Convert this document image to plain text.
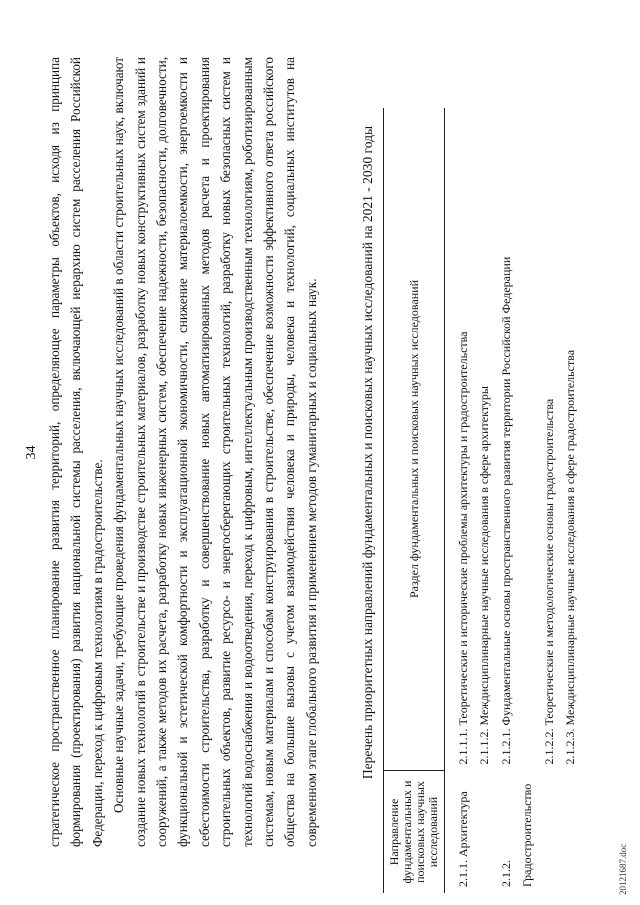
34 стратегическое пространственное планирование развития территорий, определяющее параметры объектов, исходя из принципа формирования (проектирования) развития национальной системы расселения, включающей иерархию систем расселения Российской Федерации, переход к цифровым технологиям в градостроительстве. Основные научные задачи, требующие проведения фундаментальных научных исследований в области строительных наук, включают создание новых технологий в строительстве и производстве строительных материалов, разработку новых конструктивных систем зданий и сооружений, а также методов их расчета, разработку новых инженерных систем, обеспечение надежности, безопасности, долговечности, функциональной и эстетической комфортности и эксплуатационной экономичности, снижение материалоемкости, энергоемкости и себестоимости строительства, разработку и совершенствование новых автоматизированных методов расчета и проектирования строительных объектов, развитие ресурсо- и энергосберегающих строительных технологий, разработку новых безопасных систем и технологий водоснабжения и водоотведения, переход к цифровым, интеллектуальным производственным технологиям, роботизированным системам, новым материалам и способам конструирования в строительстве, обеспечение возможности эффективного ответа российского общества на большие вызовы с учетом взаимодействия человека и природы, человека и технологий, социальных институтов на современном этапе глобального развития и применением методов гуманитарных и социальных наук.	Перечень приоритетных направлений фундаментальных и поисковых научных исследований на 2021 - 2030 годы
Направление фундаментальных и поисковых научных исследований	Раздел фундаментальных и поисковых научных исследований
2.1.1. Архитектура	2.1.1.1. Теоретические и исторические проблемы архитектуры и градостроительства
	2.1.1.2. Междисциплинарные научные исследования в сфере архитектуры
2.1.2. Градостроительство	2.1.2.1. Фундаментальные основы пространственного развития территории Российской Федерации
	2.1.2.2. Теоретические и методологические основы градостроительства
	2.1.2.3. Междисциплинарные научные исследования в сфере градостроительства
20121687.doc
